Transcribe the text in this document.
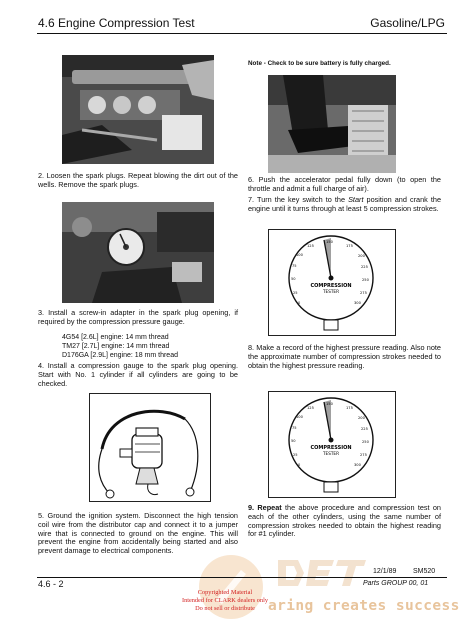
4.6 Engine Compression Test	Gasoline/LPG
2. Loosen the spark plugs. Repeat blowing the dirt out of the wells. Remove the spark plugs.
3. Install a screw-in adapter in the spark plug opening, if required by the compression pressure gauge.
4G54 [2.6L] engine: 14 mm thread
TM27 [2.7L] engine: 14 mm thread
D176GA [2.9L] engine: 18 mm thread
4. Install a compression gauge to the spark plug opening. Start with No. 1 cylinder if all cylinders are going to be checked.
5. Ground the ignition system. Disconnect the high tension coil wire from the distributor cap and connect it to a jumper wire that is connected to ground on the engine. This will prevent the engine from accidentally being started and also prevent damage to electrical components.
Note - Check to be sure battery is fully charged.
6. Push the accelerator pedal fully down (to open the throttle and admit a full charge of air).
7. Turn the key switch to the Start position and crank the engine until it turns through at least 5 compression strokes.
0
25
50
75
100
125
150
175
200
225
250
275
300
COMPRESSION
TESTER
8. Make a record of the highest pressure reading. Also note the approximate number of compression strokes needed to obtain the highest pressure reading.
0
25
50
75
100
125
150
175
200
225
250
275
300
COMPRESSION
TESTER
9. Repeat the above procedure and compression test on each of the other cylinders, using the same number of compression strokes needed to obtain the highest reading for #1 cylinder.
4.6 - 2
12/1/89 SM520
Parts GROUP 00, 01
Copyrighted Material
Intended for CLARK dealers only
Do not sell or distribute aring creates success
